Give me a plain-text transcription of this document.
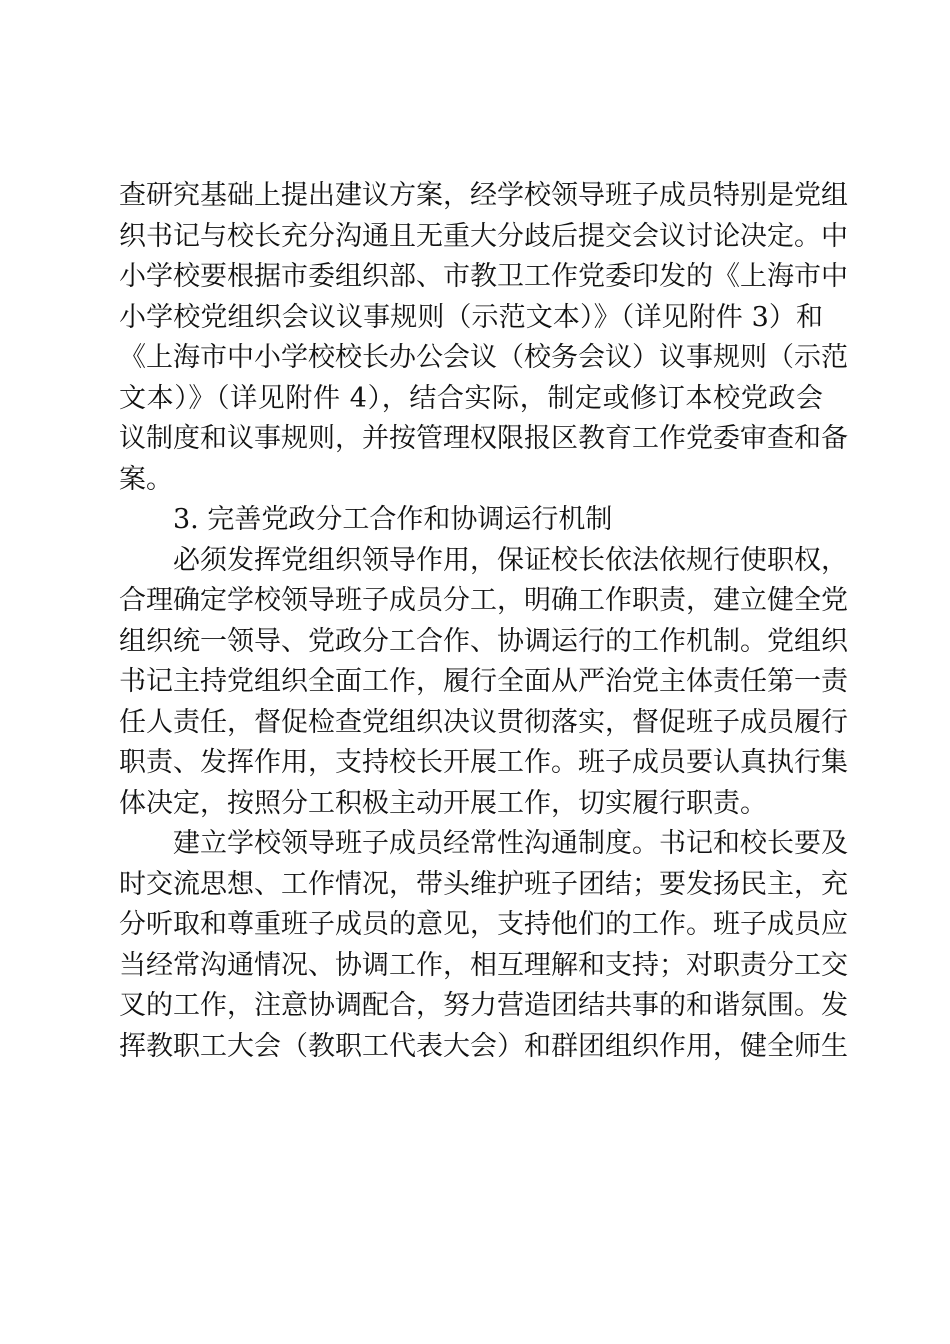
查研究基础上提出建议方案，经学校领导班子成员特别是党组
织书记与校长充分沟通且无重大分歧后提交会议讨论决定。中
小学校要根据市委组织部、市教卫工作党委印发的《上海市中
小学校党组织会议议事规则（示范文本）》（详见附件 3）和
《上海市中小学校校长办公会议（校务会议）议事规则（示范
文本）》（详见附件 4），结合实际，制定或修订本校党政会
议制度和议事规则，并按管理权限报区教育工作党委审查和备
案。
3. 完善党政分工合作和协调运行机制
必须发挥党组织领导作用，保证校长依法依规行使职权，
合理确定学校领导班子成员分工，明确工作职责，建立健全党
组织统一领导、党政分工合作、协调运行的工作机制。党组织
书记主持党组织全面工作，履行全面从严治党主体责任第一责
任人责任，督促检查党组织决议贯彻落实，督促班子成员履行
职责、发挥作用，支持校长开展工作。班子成员要认真执行集
体决定，按照分工积极主动开展工作，切实履行职责。
建立学校领导班子成员经常性沟通制度。书记和校长要及
时交流思想、工作情况，带头维护班子团结；要发扬民主，充
分听取和尊重班子成员的意见，支持他们的工作。班子成员应
当经常沟通情况、协调工作，相互理解和支持；对职责分工交
叉的工作，注意协调配合，努力营造团结共事的和谐氛围。发
挥教职工大会（教职工代表大会）和群团组织作用，健全师生
